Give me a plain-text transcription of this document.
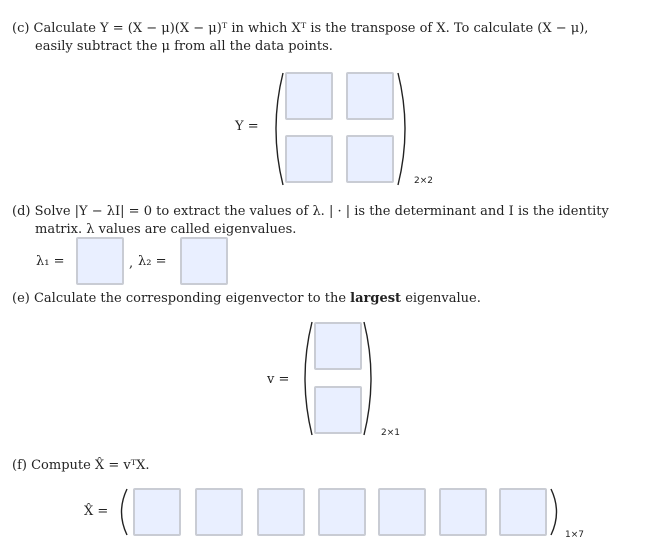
(c) Calculate Y = (X − μ)(X − μ)ᵀ in which Xᵀ is the transpose of X. To calculate (X − μ),
easily subtract the μ from all the data points.
Y =
2×2
(d) Solve |Y − λI| = 0 to extract the values of λ. | · | is the determinant and I is the identity
matrix. λ values are called eigenvalues.
λ₁ =	, λ₂ =
(e) Calculate the corresponding eigenvector to the largest eigenvalue.
v =
2×1
(f) Compute X̂ = vᵀX.
X̂ =
1×7
